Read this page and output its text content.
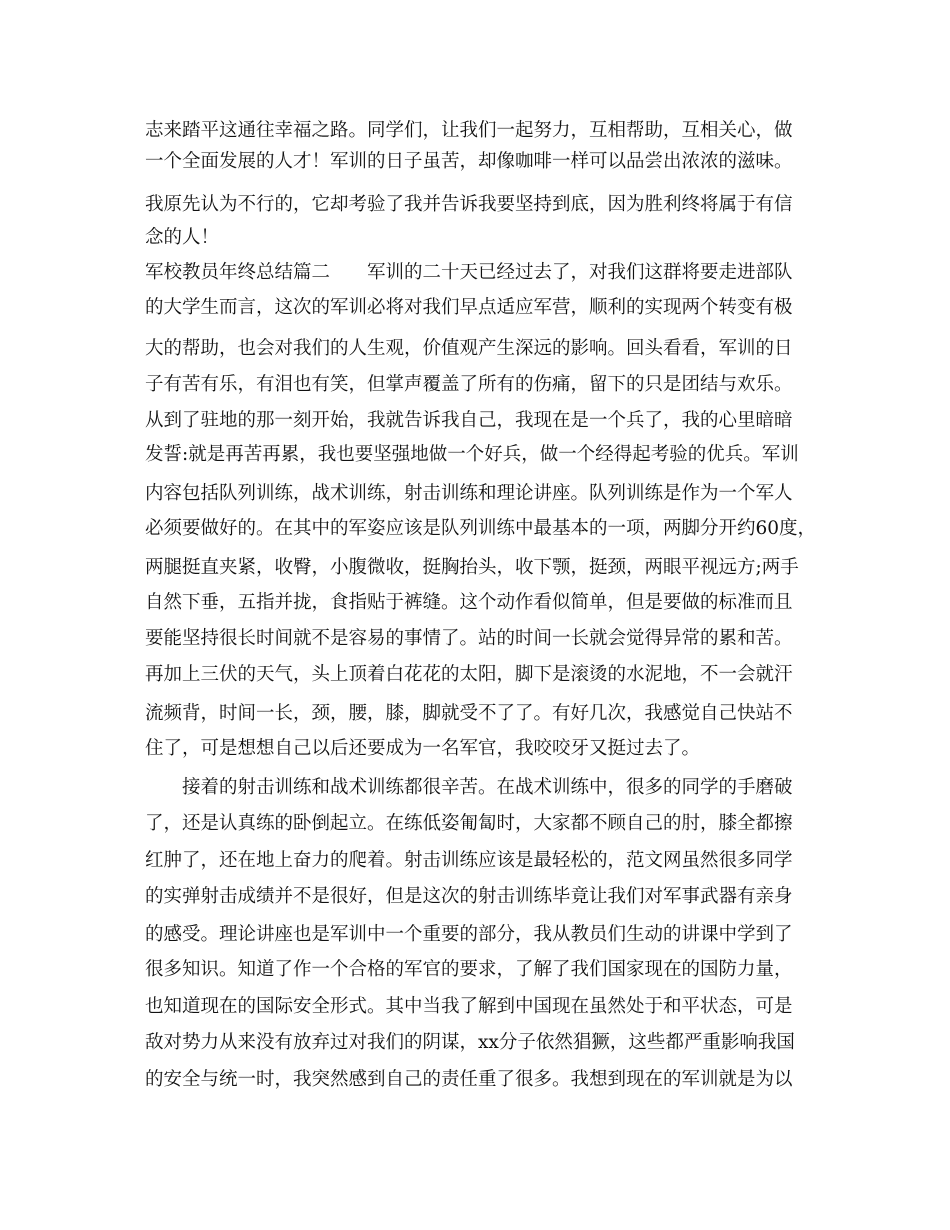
志来踏平这通往幸福之路。同学们，让我们一起努力，互相帮助，互相关心，做
一个全面发展的人才！军训的日子虽苦，却像咖啡一样可以品尝出浓浓的滋味。
我原先认为不行的，它却考验了我并告诉我要坚持到底，因为胜利终将属于有信
念的人！
军校教员年终总结篇二　　军训的二十天已经过去了，对我们这群将要走进部队
的大学生而言，这次的军训必将对我们早点适应军营，顺利的实现两个转变有极
大的帮助，也会对我们的人生观，价值观产生深远的影响。回头看看，军训的日
子有苦有乐，有泪也有笑，但掌声覆盖了所有的伤痛，留下的只是团结与欢乐。
从到了驻地的那一刻开始，我就告诉我自己，我现在是一个兵了，我的心里暗暗
发誓:就是再苦再累，我也要坚强地做一个好兵，做一个经得起考验的优兵。军训
内容包括队列训练，战术训练，射击训练和理论讲座。队列训练是作为一个军人
必须要做好的。在其中的军姿应该是队列训练中最基本的一项，两脚分开约60度，
两腿挺直夹紧，收臀，小腹微收，挺胸抬头，收下颚，挺颈，两眼平视远方;两手
自然下垂，五指并拢，食指贴于裤缝。这个动作看似简单，但是要做的标准而且
要能坚持很长时间就不是容易的事情了。站的时间一长就会觉得异常的累和苦。
再加上三伏的天气，头上顶着白花花的太阳，脚下是滚烫的水泥地，不一会就汗
流频背，时间一长，颈，腰，膝，脚就受不了了。有好几次，我感觉自己快站不
住了，可是想想自己以后还要成为一名军官，我咬咬牙又挺过去了。
　　接着的射击训练和战术训练都很辛苦。在战术训练中，很多的同学的手磨破
了，还是认真练的卧倒起立。在练低姿匍匐时，大家都不顾自己的肘，膝全都擦
红肿了，还在地上奋力的爬着。射击训练应该是最轻松的，范文网虽然很多同学
的实弹射击成绩并不是很好，但是这次的射击训练毕竟让我们对军事武器有亲身
的感受。理论讲座也是军训中一个重要的部分，我从教员们生动的讲课中学到了
很多知识。知道了作一个合格的军官的要求，了解了我们国家现在的国防力量，
也知道现在的国际安全形式。其中当我了解到中国现在虽然处于和平状态，可是
敌对势力从来没有放弃过对我们的阴谋，xx分子依然猖獗，这些都严重影响我国
的安全与统一时，我突然感到自己的责任重了很多。我想到现在的军训就是为以
